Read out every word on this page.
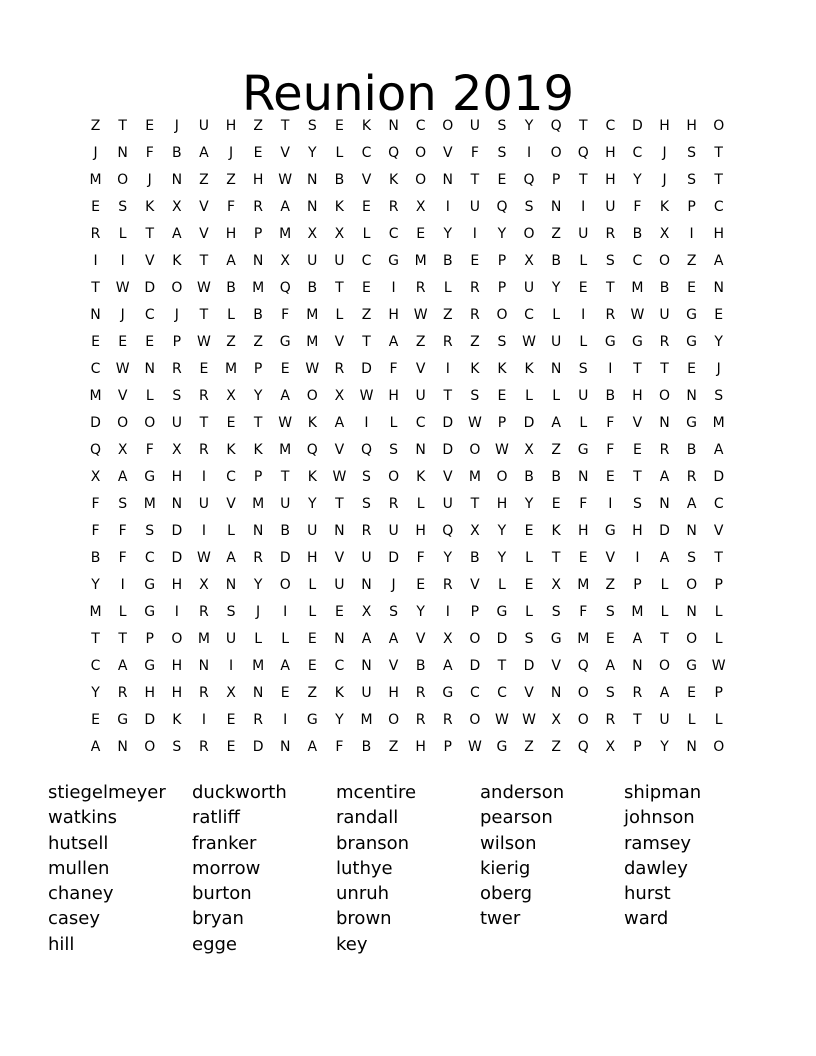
Reunion 2019
Z	T	E	J	U	H	Z	T	S	E	K	N	C	O	U	S	Y	Q	T	C	D	H	H	O
J	N	F	B	A	J	E	V	Y	L	C	Q	O	V	F	S	I	O	Q	H	C	J	S	T
M	O	J	N	Z	Z	H	W	N	B	V	K	O	N	T	E	Q	P	T	H	Y	J	S	T
E	S	K	X	V	F	R	A	N	K	E	R	X	I	U	Q	S	N	I	U	F	K	P	C
R	L	T	A	V	H	P	M	X	X	L	C	E	Y	I	Y	O	Z	U	R	B	X	I	H
I	I	V	K	T	A	N	X	U	U	C	G	M	B	E	P	X	B	L	S	C	O	Z	A
T	W	D	O	W	B	M	Q	B	T	E	I	R	L	R	P	U	Y	E	T	M	B	E	N
N	J	C	J	T	L	B	F	M	L	Z	H	W	Z	R	O	C	L	I	R	W	U	G	E
E	E	E	P	W	Z	Z	G	M	V	T	A	Z	R	Z	S	W	U	L	G	G	R	G	Y
C	W	N	R	E	M	P	E	W	R	D	F	V	I	K	K	K	N	S	I	T	T	E	J
M	V	L	S	R	X	Y	A	O	X	W	H	U	T	S	E	L	L	U	B	H	O	N	S
D	O	O	U	T	E	T	W	K	A	I	L	C	D	W	P	D	A	L	F	V	N	G	M
Q	X	F	X	R	K	K	M	Q	V	Q	S	N	D	O	W	X	Z	G	F	E	R	B	A
X	A	G	H	I	C	P	T	K	W	S	O	K	V	M	O	B	B	N	E	T	A	R	D
F	S	M	N	U	V	M	U	Y	T	S	R	L	U	T	H	Y	E	F	I	S	N	A	C
F	F	S	D	I	L	N	B	U	N	R	U	H	Q	X	Y	E	K	H	G	H	D	N	V
B	F	C	D	W	A	R	D	H	V	U	D	F	Y	B	Y	L	T	E	V	I	A	S	T
Y	I	G	H	X	N	Y	O	L	U	N	J	E	R	V	L	E	X	M	Z	P	L	O	P
M	L	G	I	R	S	J	I	L	E	X	S	Y	I	P	G	L	S	F	S	M	L	N	L
T	T	P	O	M	U	L	L	E	N	A	A	V	X	O	D	S	G	M	E	A	T	O	L
C	A	G	H	N	I	M	A	E	C	N	V	B	A	D	T	D	V	Q	A	N	O	G	W
Y	R	H	H	R	X	N	E	Z	K	U	H	R	G	C	C	V	N	O	S	R	A	E	P
E	G	D	K	I	E	R	I	G	Y	M	O	R	R	O	W W	X	O	R	T	U	L	L
A	N	O	S	R	E	D	N	A	F	B	Z	H	P	W	G	Z	Z	Q	X	P	Y	N	O
stiegelmeyer
watkins
hutsell
mullen
chaney
casey
hill
duckworth
ratliff
franker
morrow
burton
bryan
egge
mcentire
randall
branson
luthye
unruh
brown
key
anderson
pearson
wilson
kierig
oberg
twer
shipman
johnson
ramsey
dawley
hurst
ward
